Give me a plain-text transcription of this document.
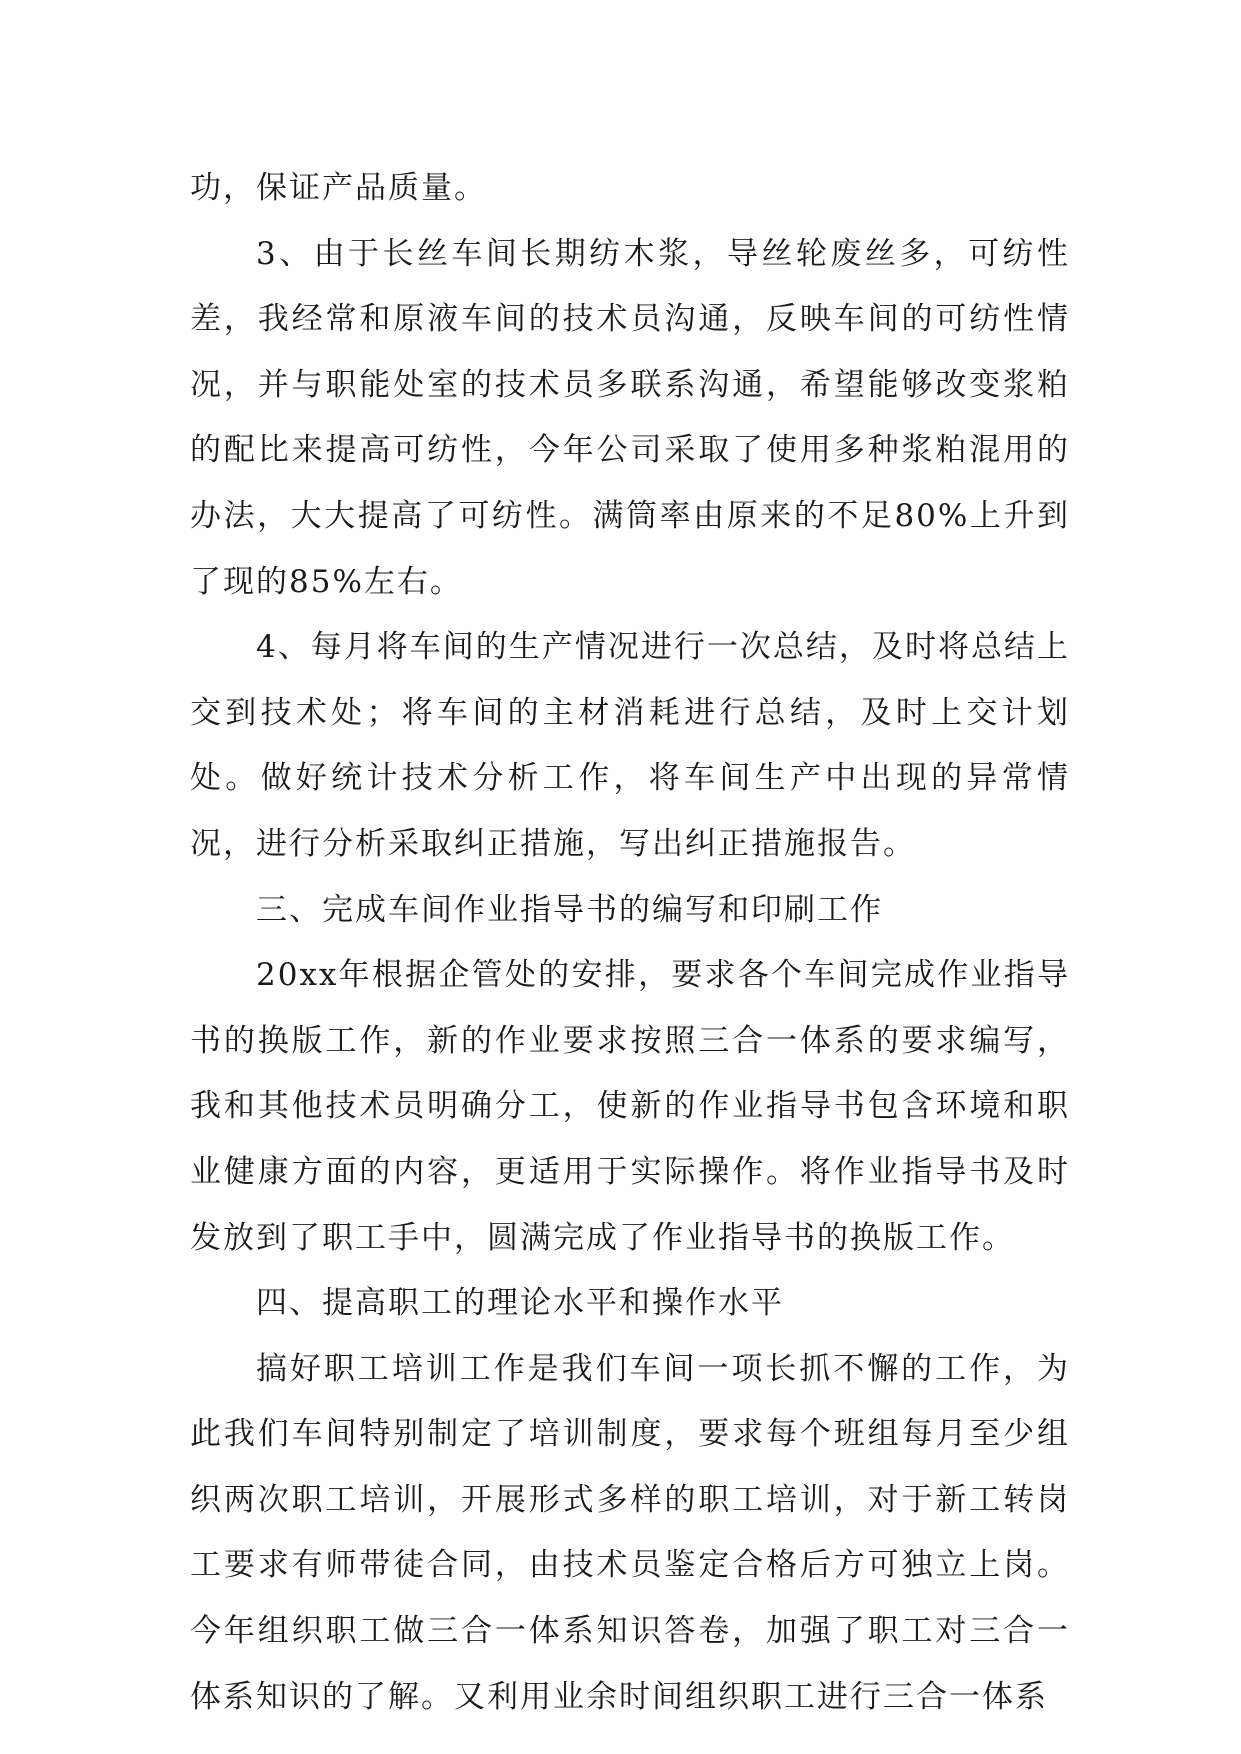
功，保证产品质量。

3、由于长丝车间长期纺木浆，导丝轮废丝多，可纺性差，我经常和原液车间的技术员沟通，反映车间的可纺性情况，并与职能处室的技术员多联系沟通，希望能够改变浆粕的配比来提高可纺性，今年公司采取了使用多种浆粕混用的办法，大大提高了可纺性。满筒率由原来的不足80%上升到了现的85%左右。

4、每月将车间的生产情况进行一次总结，及时将总结上交到技术处；将车间的主材消耗进行总结，及时上交计划处。做好统计技术分析工作，将车间生产中出现的异常情况，进行分析采取纠正措施，写出纠正措施报告。

三、完成车间作业指导书的编写和印刷工作

20xx年根据企管处的安排，要求各个车间完成作业指导书的换版工作，新的作业要求按照三合一体系的要求编写，我和其他技术员明确分工，使新的作业指导书包含环境和职业健康方面的内容，更适用于实际操作。将作业指导书及时发放到了职工手中，圆满完成了作业指导书的换版工作。

四、提高职工的理论水平和操作水平

搞好职工培训工作是我们车间一项长抓不懈的工作，为此我们车间特别制定了培训制度，要求每个班组每月至少组织两次职工培训，开展形式多样的职工培训，对于新工转岗工要求有师带徒合同，由技术员鉴定合格后方可独立上岗。今年组织职工做三合一体系知识答卷，加强了职工对三合一体系知识的了解。又利用业余时间组织职工进行三合一体系
